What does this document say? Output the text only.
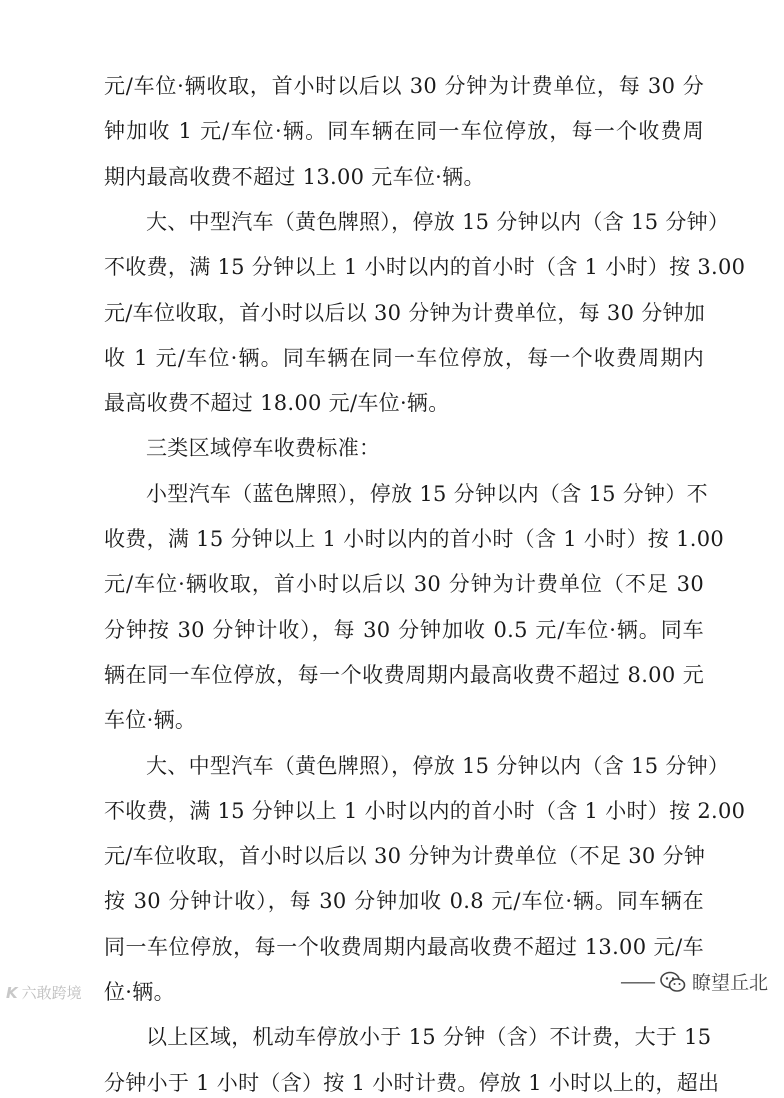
元/车位·辆收取，首小时以后以 30 分钟为计费单位，每 30 分
钟加收 1 元/车位·辆。同车辆在同一车位停放，每一个收费周
期内最高收费不超过 13.00 元车位·辆。
大、中型汽车（黄色牌照），停放 15 分钟以内（含 15 分钟）
不收费，满 15 分钟以上 1 小时以内的首小时（含 1 小时）按 3.00
元/车位收取，首小时以后以 30 分钟为计费单位，每 30 分钟加
收 1 元/车位·辆。同车辆在同一车位停放，每一个收费周期内
最高收费不超过 18.00 元/车位·辆。
三类区域停车收费标准：
小型汽车（蓝色牌照），停放 15 分钟以内（含 15 分钟）不
收费，满 15 分钟以上 1 小时以内的首小时（含 1 小时）按 1.00
元/车位·辆收取，首小时以后以 30 分钟为计费单位（不足 30
分钟按 30 分钟计收），每 30 分钟加收 0.5 元/车位·辆。同车
辆在同一车位停放，每一个收费周期内最高收费不超过 8.00 元
车位·辆。
大、中型汽车（黄色牌照），停放 15 分钟以内（含 15 分钟）
不收费，满 15 分钟以上 1 小时以内的首小时（含 1 小时）按 2.00
元/车位收取，首小时以后以 30 分钟为计费单位（不足 30 分钟
按 30 分钟计收），每 30 分钟加收 0.8 元/车位·辆。同车辆在
同一车位停放，每一个收费周期内最高收费不超过 13.00 元/车
位·辆。
以上区域，机动车停放小于 15 分钟（含）不计费，大于 15
分钟小于 1 小时（含）按 1 小时计费。停放 1 小时以上的，超出
K 六敢跨境
—— 瞭望丘北
